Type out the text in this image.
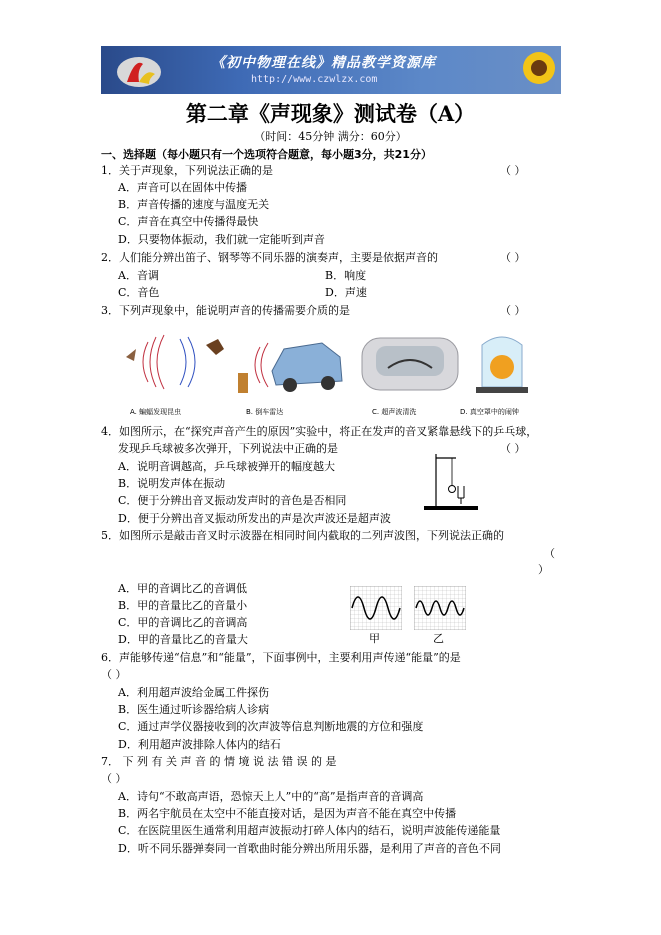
《初中物理在线》精品教学资源库
http://www.czwlzx.com
第二章《声现象》测试卷（A）
（时间：45分钟 满分：60分）
一、选择题（每小题只有一个选项符合题意，每小题3分，共21分）
1．关于声现象，下列说法正确的是	（ ）
A．声音可以在固体中传播
B．声音传播的速度与温度无关
C．声音在真空中传播得最快
D．只要物体振动，我们就一定能听到声音
2．人们能分辨出笛子、钢琴等不同乐器的演奏声，主要是依据声音的	（ ）
A．音调	B．响度
C．音色	D．声速
3．下列声现象中，能说明声音的传播需要介质的是	（ ）
A. 蝙蝠发现昆虫	B. 倒车雷达	C. 超声波清洗	D. 真空罩中的闹钟
4．如图所示，在“探究声音产生的原因”实验中，将正在发声的音叉紧靠悬线下的乒乓球，
发现乒乓球被多次弹开，下列说法中正确的是	（ ）
A．说明音调越高，乒乓球被弹开的幅度越大
B．说明发声体在振动
C．便于分辨出音叉振动发声时的音色是否相同
D．便于分辨出音叉振动所发出的声是次声波还是超声波
5．如图所示是敲击音叉时示波器在相同时间内截取的二列声波图，下列说法正确的
（
）
A．甲的音调比乙的音调低
B．甲的音量比乙的音量小
C．甲的音调比乙的音调高
D．甲的音量比乙的音量大	甲	乙
6．声能够传递“信息”和“能量”，下面事例中，主要利用声传递“能量”的是
（ ）
A．利用超声波给金属工件探伤
B．医生通过听诊器给病人诊病
C．通过声学仪器接收到的次声波等信息判断地震的方位和强度
D．利用超声波排除人体内的结石
7． 下 列 有 关 声 音 的 情 境 说 法 错 误 的 是
（ ）
A．诗句“不敢高声语，恐惊天上人”中的“高”是指声音的音调高
B．两名宇航员在太空中不能直接对话，是因为声音不能在真空中传播
C．在医院里医生通常利用超声波振动打碎人体内的结石，说明声波能传递能量
D．听不同乐器弹奏同一首歌曲时能分辨出所用乐器，是利用了声音的音色不同
